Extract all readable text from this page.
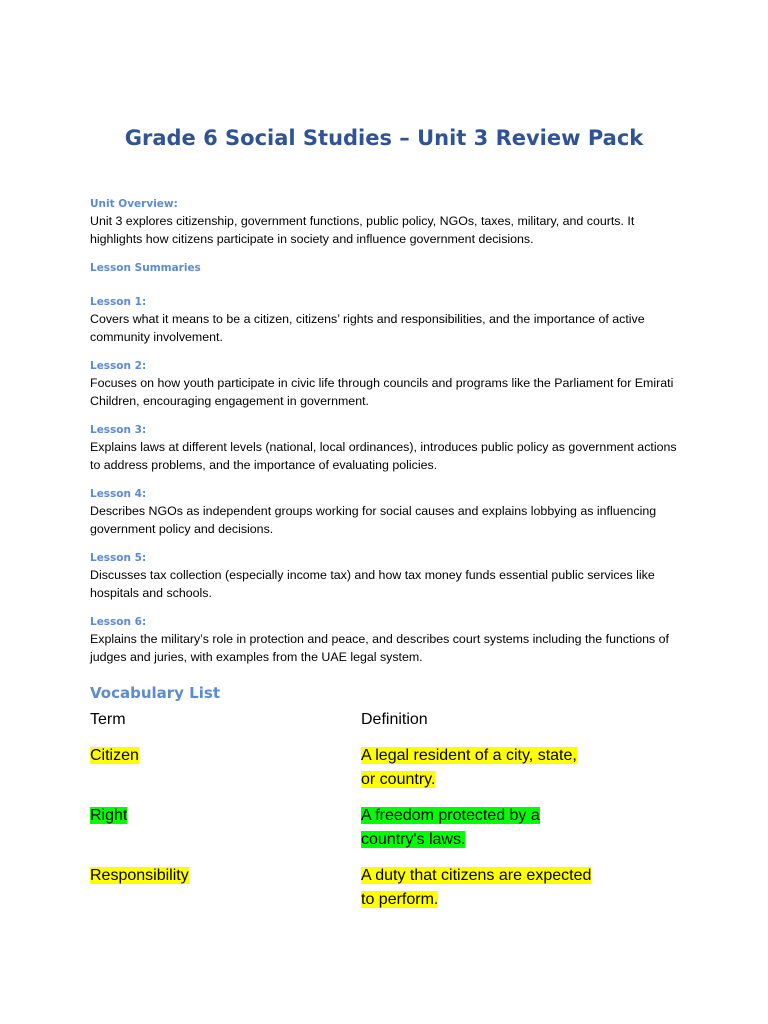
Grade 6 Social Studies – Unit 3 Review Pack

Unit Overview:

Unit 3 explores citizenship, government functions, public policy, NGOs, taxes, military, and courts. It highlights how citizens participate in society and influence government decisions.

Lesson Summaries

Lesson 1:

Covers what it means to be a citizen, citizens’ rights and responsibilities, and the importance of active community involvement.

Lesson 2:

Focuses on how youth participate in civic life through councils and programs like the Parliament for Emirati Children, encouraging engagement in government.

Lesson 3:

Explains laws at different levels (national, local ordinances), introduces public policy as government actions to address problems, and the importance of evaluating policies.

Lesson 4:

Describes NGOs as independent groups working for social causes and explains lobbying as influencing government policy and decisions.

Lesson 5:

Discusses tax collection (especially income tax) and how tax money funds essential public services like hospitals and schools.

Lesson 6:

Explains the military’s role in protection and peace, and describes court systems including the functions of judges and juries, with examples from the UAE legal system.

Vocabulary List
Term	Definition
Citizen	A legal resident of a city, state,
or country.
Right	A freedom protected by a
country's laws.
Responsibility	A duty that citizens are expected
to perform.
